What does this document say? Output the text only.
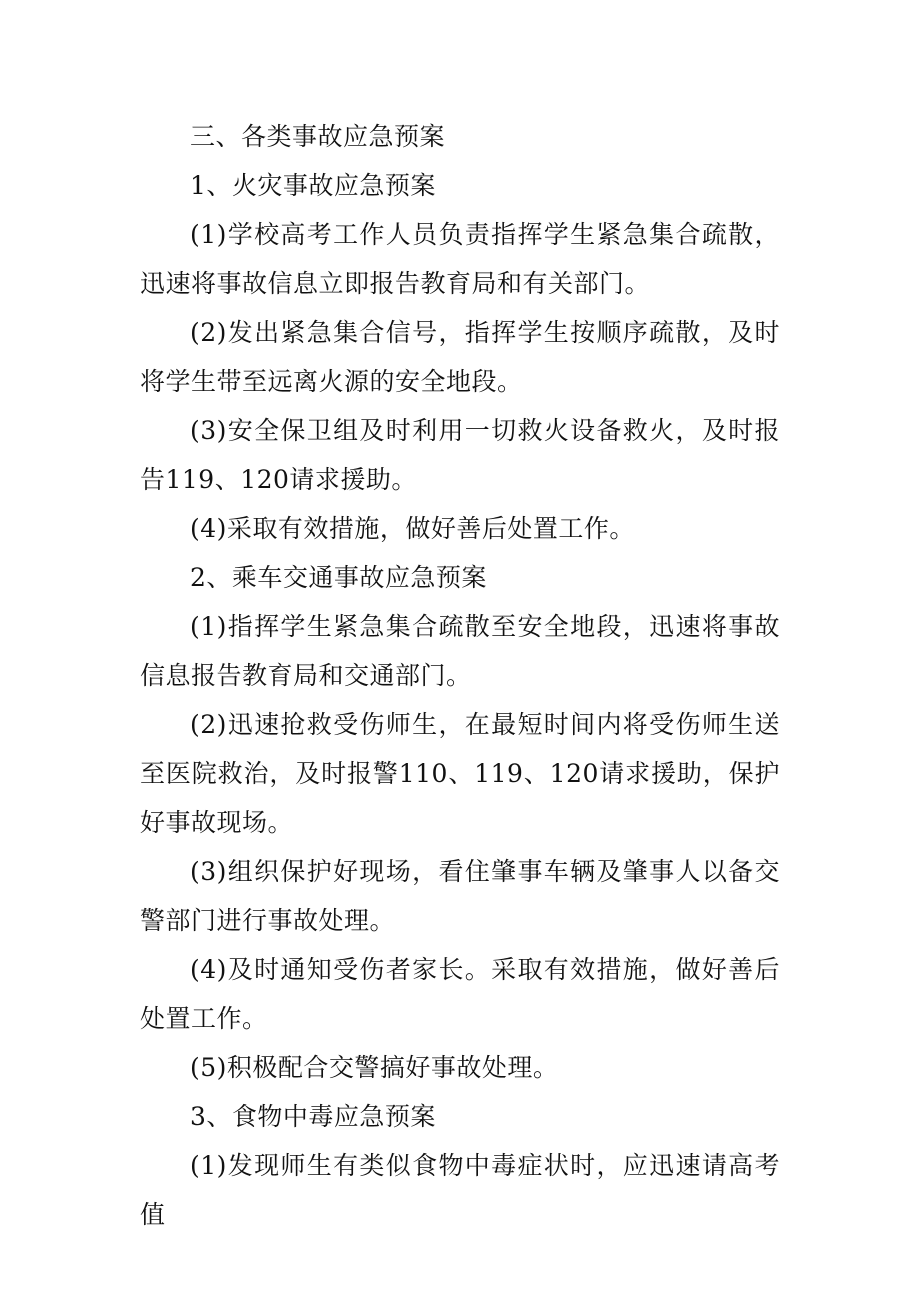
三、各类事故应急预案

1、火灾事故应急预案

(1)学校高考工作人员负责指挥学生紧急集合疏散，迅速将事故信息立即报告教育局和有关部门。

(2)发出紧急集合信号，指挥学生按顺序疏散，及时将学生带至远离火源的安全地段。

(3)安全保卫组及时利用一切救火设备救火，及时报告119、120请求援助。

(4)采取有效措施，做好善后处置工作。

2、乘车交通事故应急预案

(1)指挥学生紧急集合疏散至安全地段，迅速将事故信息报告教育局和交通部门。

(2)迅速抢救受伤师生，在最短时间内将受伤师生送至医院救治，及时报警110、119、120请求援助，保护好事故现场。

(3)组织保护好现场，看住肇事车辆及肇事人以备交警部门进行事故处理。

(4)及时通知受伤者家长。采取有效措施，做好善后处置工作。

(5)积极配合交警搞好事故处理。

3、食物中毒应急预案

(1)发现师生有类似食物中毒症状时，应迅速请高考值
